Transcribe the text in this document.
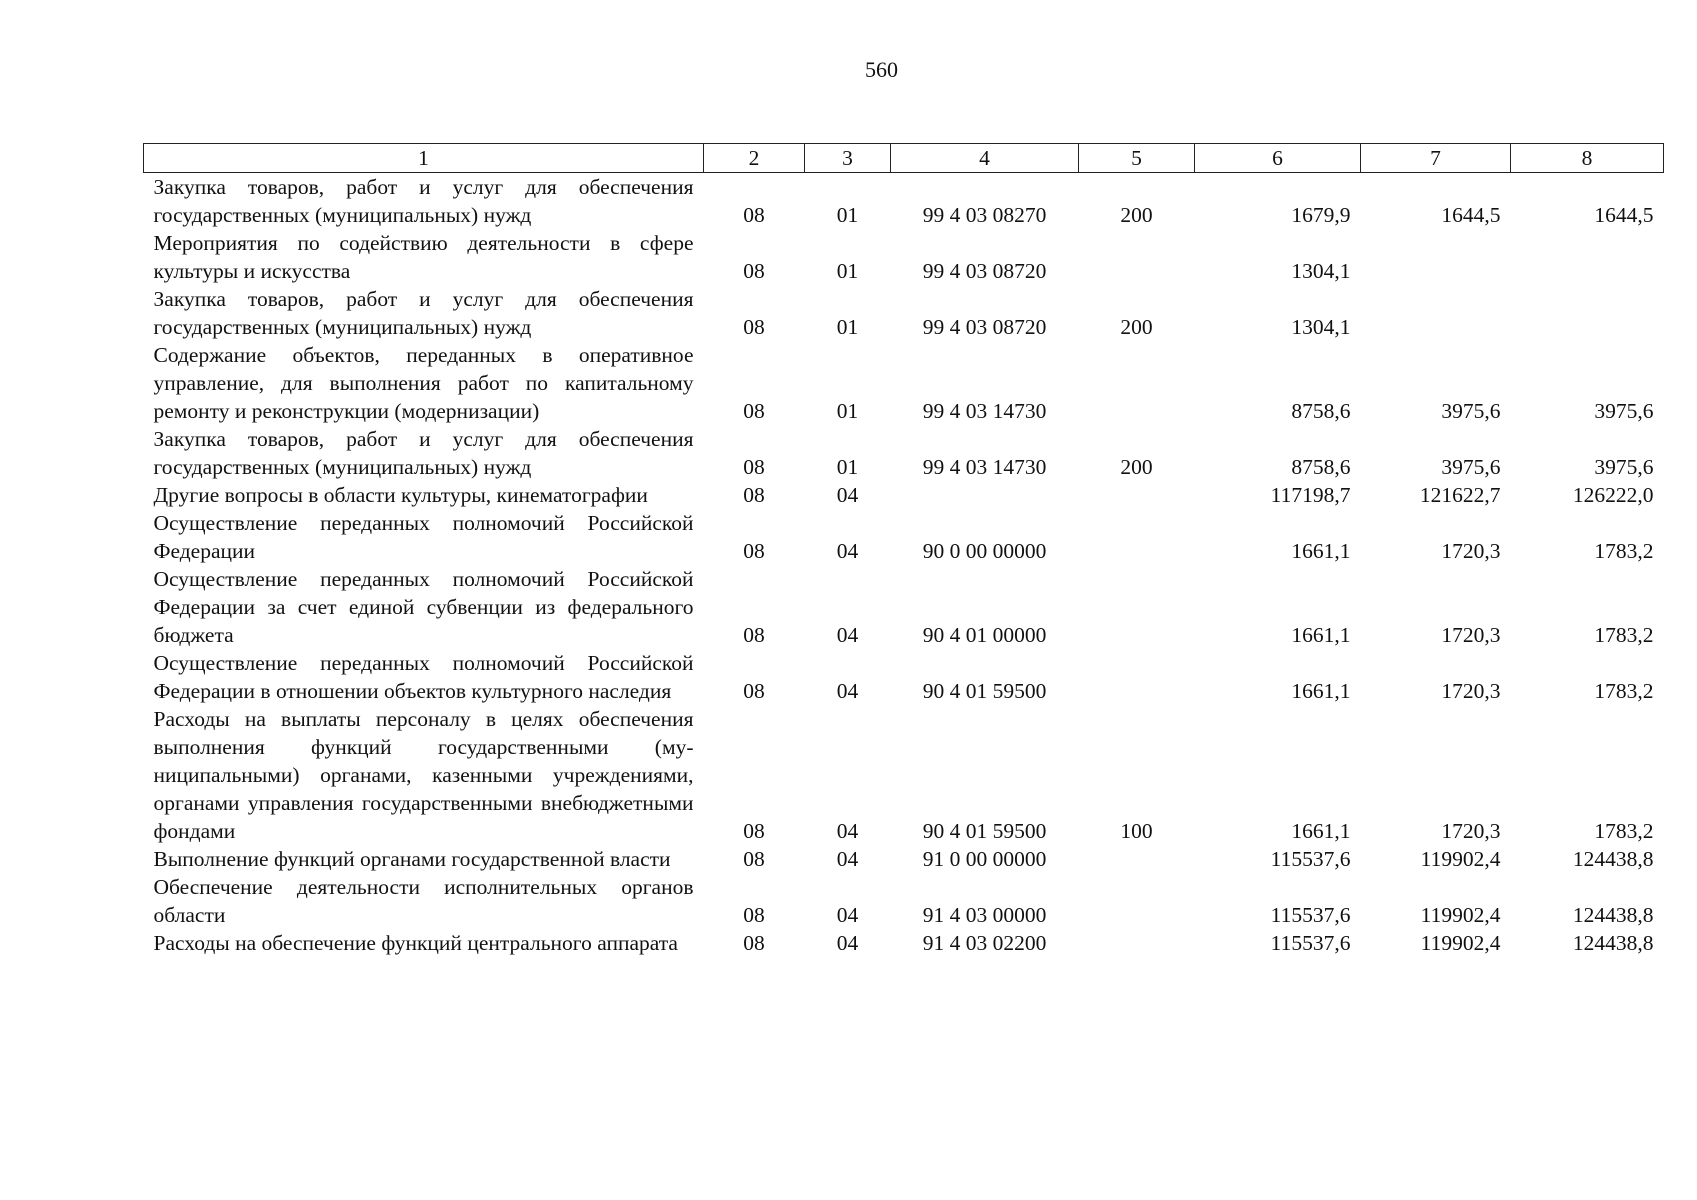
560
1	2	3	4	5	6	7	8
Закупка товаров, работ и услуг для обеспечения государственных (муниципальных) нужд	08	01	99 4 03 08270	200	1679,9	1644,5	1644,5
Мероприятия по содействию деятельности в сфере культуры и искусства	08	01	99 4 03 08720		1304,1		
Закупка товаров, работ и услуг для обеспечения государственных (муниципальных) нужд	08	01	99 4 03 08720	200	1304,1		
Содержание объектов, переданных в оперативное управление, для выполнения работ по капитальному ремонту и реконструкции (модернизации)	08	01	99 4 03 14730		8758,6	3975,6	3975,6
Закупка товаров, работ и услуг для обеспечения государственных (муниципальных) нужд	08	01	99 4 03 14730	200	8758,6	3975,6	3975,6
Другие вопросы в области культуры, кинематографии	08	04			117198,7	121622,7	126222,0
Осуществление переданных полномочий Российской Федерации	08	04	90 0 00 00000		1661,1	1720,3	1783,2
Осуществление переданных полномочий Российской Федерации за счет единой субвенции из федерального бюджета	08	04	90 4 01 00000		1661,1	1720,3	1783,2
Осуществление переданных полномочий Российской Федерации в отношении объектов культурного наследия	08	04	90 4 01 59500		1661,1	1720,3	1783,2
Расходы на выплаты персоналу в целях обеспечения выполнения функций государственными (муниципальными) органами, казенными учреждениями, органами управления государственными внебюджетными фондами	08	04	90 4 01 59500	100	1661,1	1720,3	1783,2
Выполнение функций органами государственной власти	08	04	91 0 00 00000		115537,6	119902,4	124438,8
Обеспечение деятельности исполнительных органов области	08	04	91 4 03 00000		115537,6	119902,4	124438,8
Расходы на обеспечение функций центрального аппарата	08	04	91 4 03 02200		115537,6	119902,4	124438,8
